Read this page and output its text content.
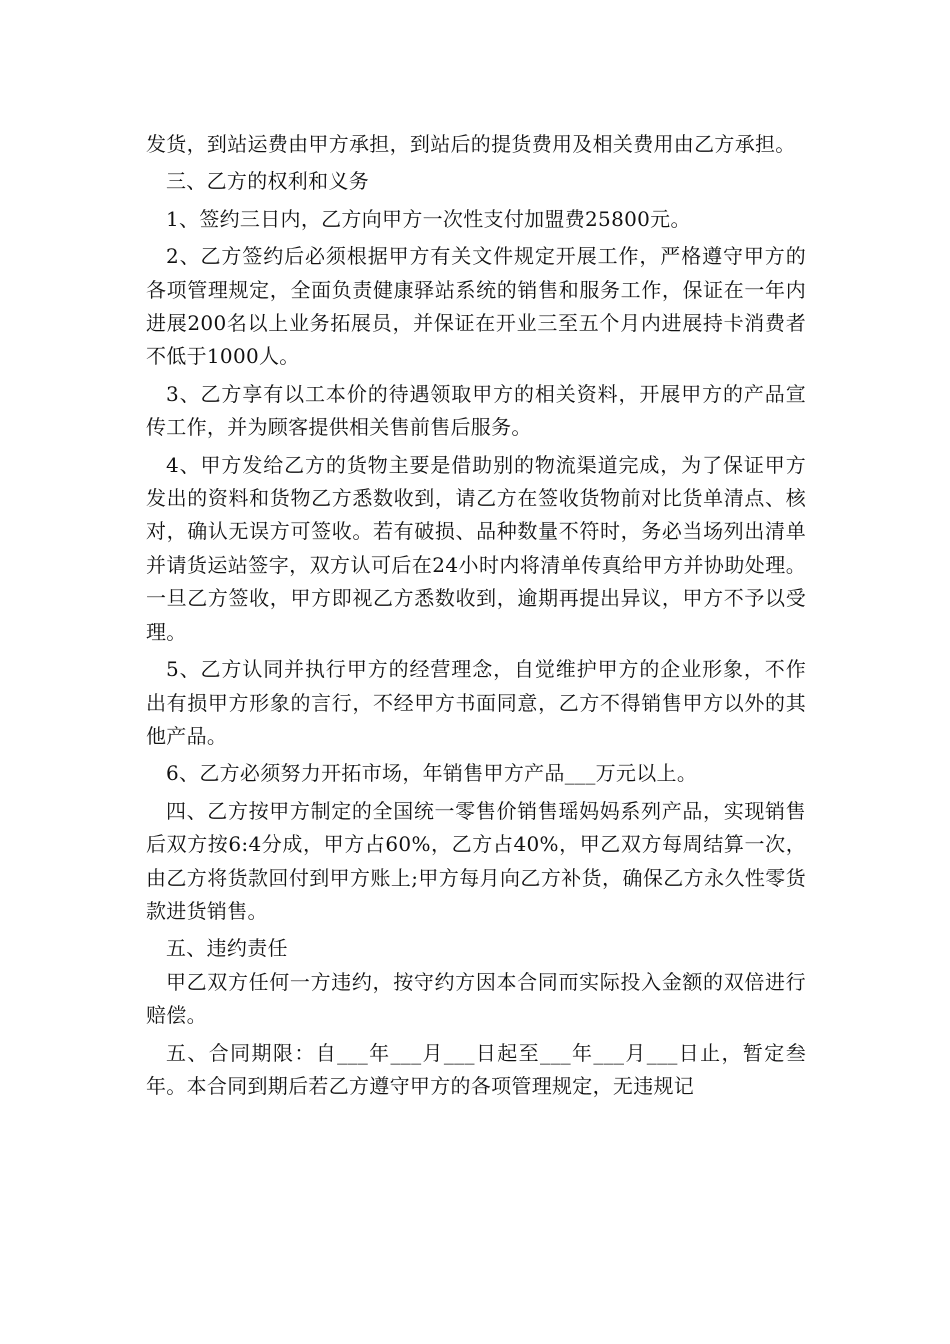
发货，到站运费由甲方承担，到站后的提货费用及相关费用由乙方承担。

三、乙方的权利和义务

1、签约三日内，乙方向甲方一次性支付加盟费25800元。

2、乙方签约后必须根据甲方有关文件规定开展工作，严格遵守甲方的各项管理规定，全面负责健康驿站系统的销售和服务工作，保证在一年内进展200名以上业务拓展员，并保证在开业三至五个月内进展持卡消费者不低于1000人。

3、乙方享有以工本价的待遇领取甲方的相关资料，开展甲方的产品宣传工作，并为顾客提供相关售前售后服务。

4、甲方发给乙方的货物主要是借助别的物流渠道完成，为了保证甲方发出的资料和货物乙方悉数收到，请乙方在签收货物前对比货单清点、核对，确认无误方可签收。若有破损、品种数量不符时，务必当场列出清单并请货运站签字，双方认可后在24小时内将清单传真给甲方并协助处理。一旦乙方签收，甲方即视乙方悉数收到，逾期再提出异议，甲方不予以受理。

5、乙方认同并执行甲方的经营理念，自觉维护甲方的企业形象，不作出有损甲方形象的言行，不经甲方书面同意，乙方不得销售甲方以外的其他产品。

6、乙方必须努力开拓市场，年销售甲方产品___万元以上。

四、乙方按甲方制定的全国统一零售价销售瑶妈妈系列产品，实现销售后双方按6:4分成，甲方占60%，乙方占40%，甲乙双方每周结算一次，由乙方将货款回付到甲方账上;甲方每月向乙方补货，确保乙方永久性零货款进货销售。

五、违约责任

甲乙双方任何一方违约，按守约方因本合同而实际投入金额的双倍进行赔偿。

五、合同期限：自___年___月___日起至___年___月___日止，暂定叁年。本合同到期后若乙方遵守甲方的各项管理规定，无违规记
